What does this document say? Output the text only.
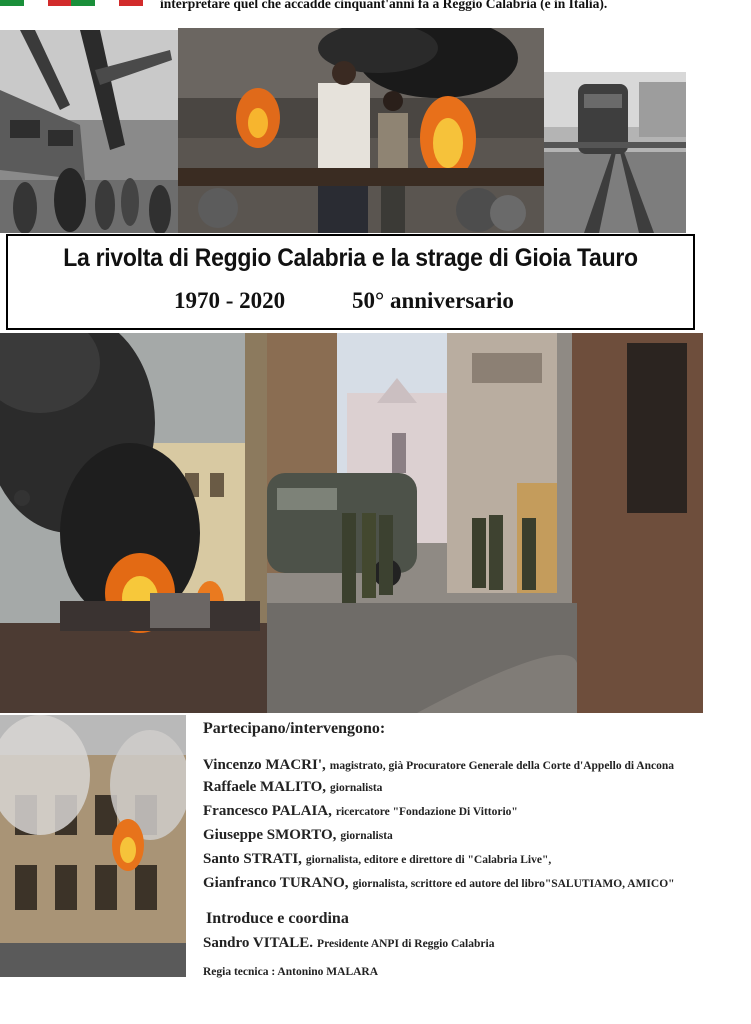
interpretare quel che accadde cinquant'anni fa a Reggio Calabria (e in Italia).
La rivolta di Reggio Calabria e la strage di Gioia Tauro
1970 - 2020	50° anniversario
Partecipano/intervengono:
Vincenzo MACRI', magistrato, già Procuratore Generale della Corte d'Appello di Ancona
Raffaele MALITO, giornalista
Francesco PALAIA, ricercatore "Fondazione Di Vittorio"
Giuseppe SMORTO, giornalista
Santo STRATI, giornalista, editore e direttore di "Calabria Live",
Gianfranco TURANO, giornalista, scrittore ed autore del libro"SALUTIAMO, AMICO"
Introduce e coordina
Sandro VITALE. Presidente ANPI di Reggio Calabria
Regia tecnica : Antonino MALARA
